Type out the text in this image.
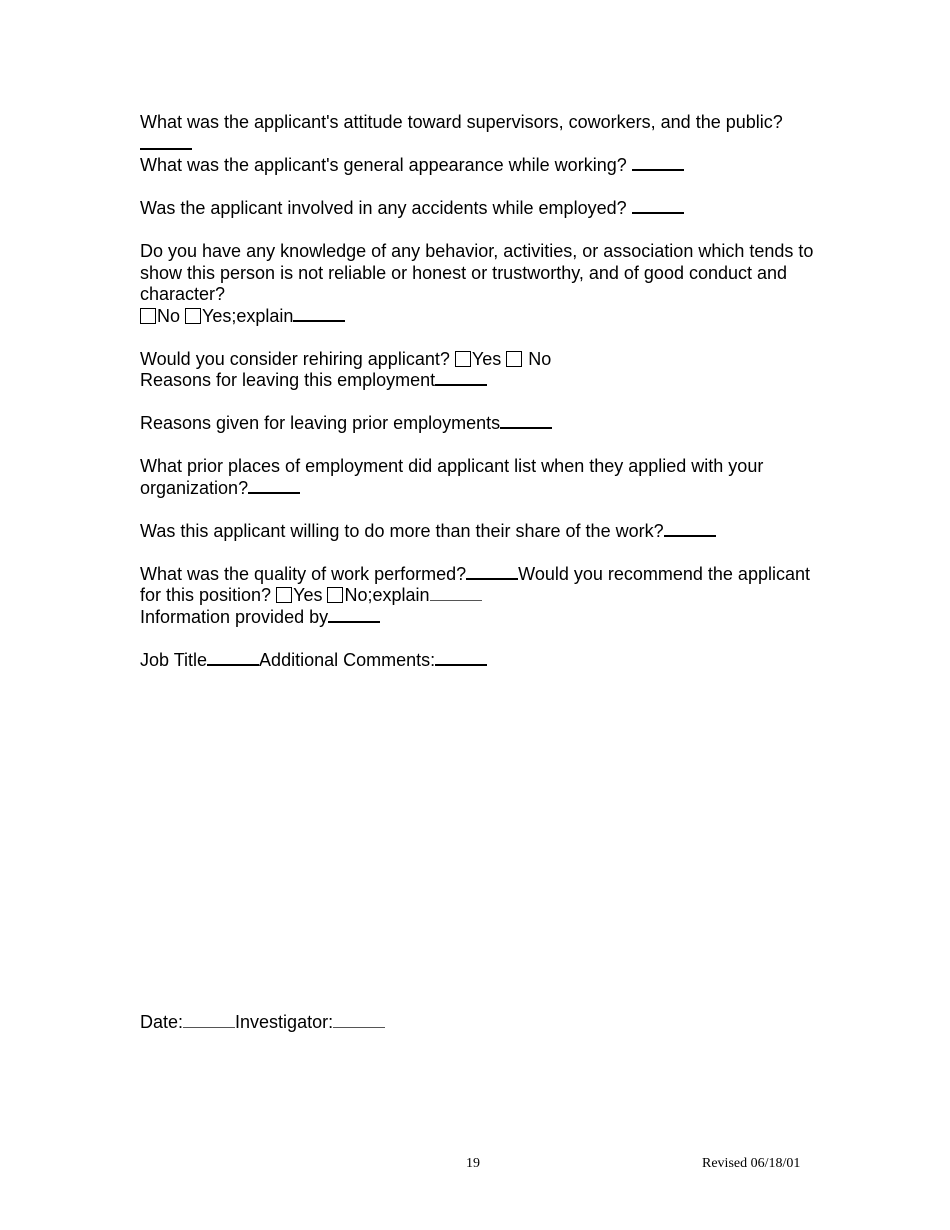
What was the applicant's attitude toward supervisors, coworkers, and the public?
What was the applicant's general appearance while working?

Was the applicant involved in any accidents while employed?

Do you have any knowledge of any behavior, activities, or association which tends to show this person is not reliable or honest or trustworthy, and of good conduct and character?
No Yes;explain

Would you consider rehiring applicant? Yes No
Reasons for leaving this employment

Reasons given for leaving prior employments

What prior places of employment did applicant list when they applied with your organization?

Was this applicant willing to do more than their share of the work?

What was the quality of work performed?	Would you recommend the applicant for this position? Yes No;explain
Information provided by

Job Title	Additional Comments:

Date:	Investigator:
19	Revised 06/18/01
